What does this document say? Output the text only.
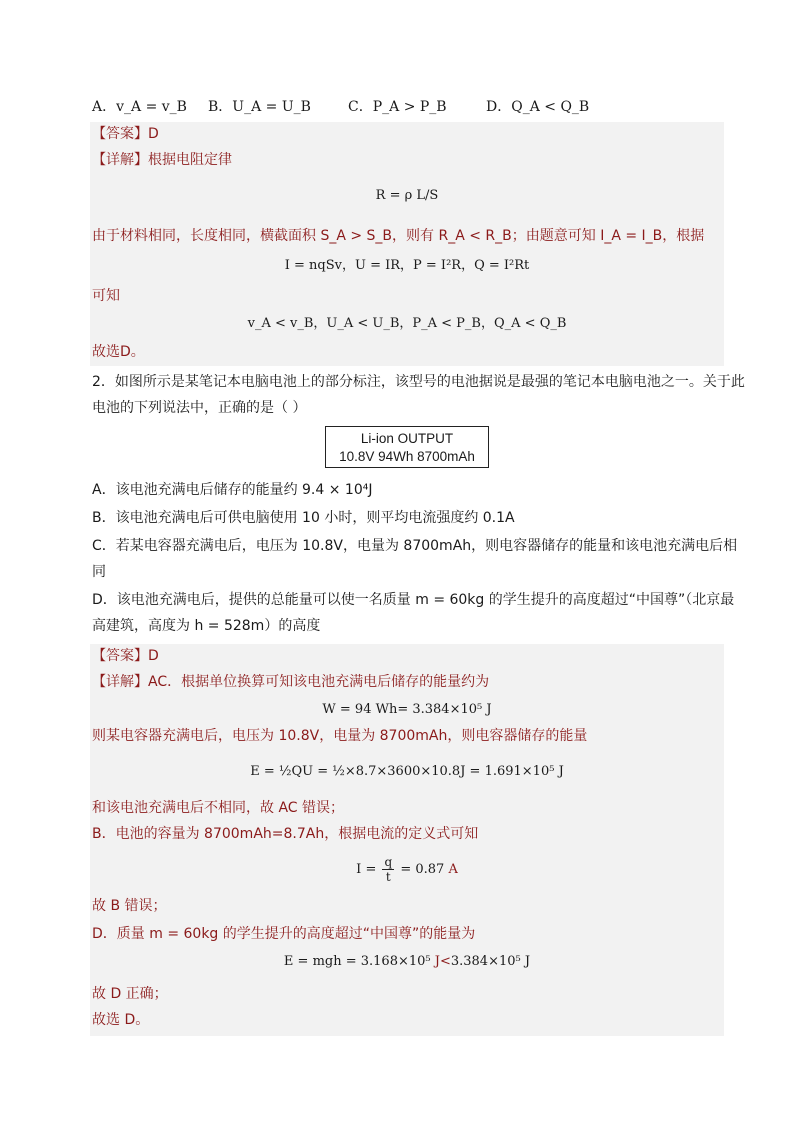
A．v_A = v_B B．U_A = U_B	C．P_A > P_B	D．Q_A < Q_B
【答案】D
【详解】根据电阻定律
R = ρ L/S
由于材料相同，长度相同，横截面积 S_A > S_B，则有 R_A < R_B；由题意可知 I_A = I_B，根据
I = nqSv，U = IR，P = I²R，Q = I²Rt
可知
v_A < v_B，U_A < U_B，P_A < P_B，Q_A < Q_B
故选D。
2．如图所示是某笔记本电脑电池上的部分标注，该型号的电池据说是最强的笔记本电脑电池之一。关于此
电池的下列说法中，正确的是（ ）
Li-ion OUTPUT
10.8V 94Wh 8700mAh
A．该电池充满电后储存的能量约 9.4 × 10⁴J
B．该电池充满电后可供电脑使用 10 小时，则平均电流强度约 0.1A
C．若某电容器充满电后，电压为 10.8V，电量为 8700mAh，则电容器储存的能量和该电池充满电后相
同
D．该电池充满电后，提供的总能量可以使一名质量 m = 60kg 的学生提升的高度超过“中国尊”（北京最
高建筑，高度为 h = 528m）的高度
【答案】D
【详解】AC．根据单位换算可知该电池充满电后储存的能量约为
W = 94 Wh= 3.384×10⁵ J
则某电容器充满电后，电压为 10.8V，电量为 8700mAh，则电容器储存的能量
E = ½QU = ½×8.7×3600×10.8J = 1.691×10⁵ J
和该电池充满电后不相同，故 AC 错误；
B．电池的容量为 8700mAh=8.7Ah，根据电流的定义式可知
$I = \frac{q}{t} = 0.87$ A
故 B 错误；
D．质量 m = 60kg 的学生提升的高度超过“中国尊”的能量为
E = mgh = 3.168×10⁵ J<3.384×10⁵ J
故 D 正确；
故选 D。
